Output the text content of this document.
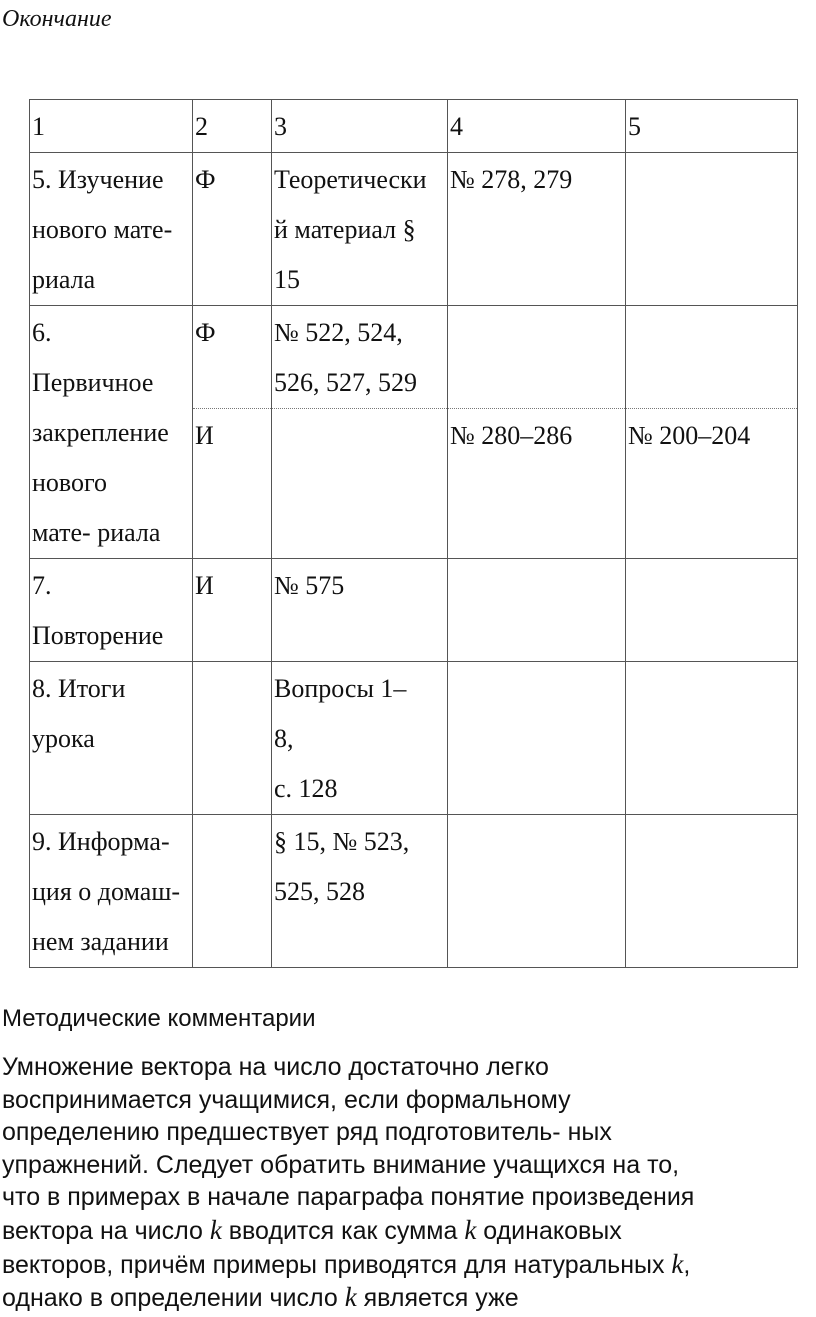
Окончание
1	2	3	4	5

5. Изучение
нового мате-
риала	Ф	Теоретически
й материал §
15	№ 278, 279	

6.
Первичное
закрепление
нового
мате- риала	Ф	№ 522, 524,
526, 527, 529		

	И		№ 280–286	№ 200–204

7.
Повторение	И	№ 575		

8. Итоги
урока		Вопросы 1–
8,
с. 128		

9. Информа-
ция о домаш-
нем задании		§ 15, № 523,
525, 528		

Методические комментарии
Умножение вектора на число достаточно легко
воспринимается учащимися, если формальному
определению предшествует ряд подготовитель- ных
упражнений. Следует обратить внимание учащихся на то,
что в примерах в начале параграфа понятие произведения
вектора на число k вводится как сумма k одинаковых
векторов, причём примеры приводятся для натуральных k,
однако в определении число k является уже
